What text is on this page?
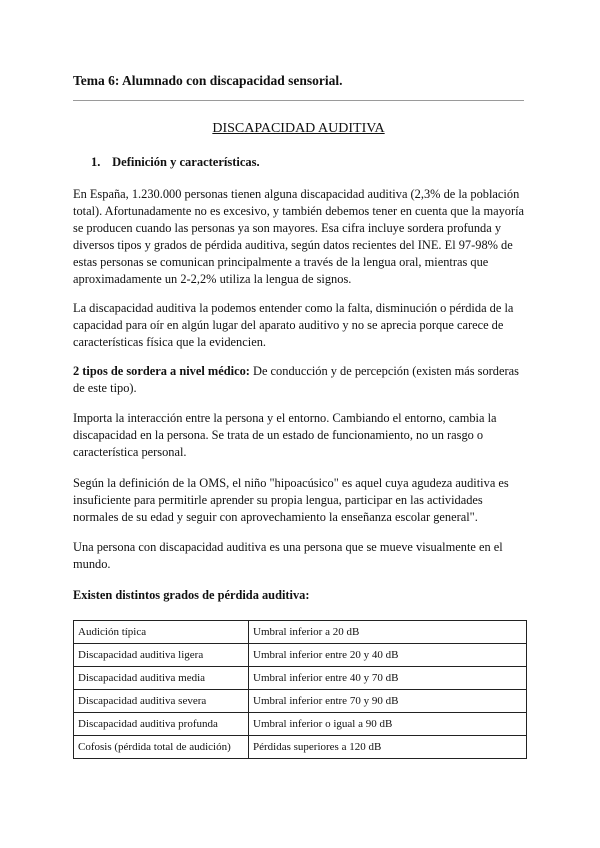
Tema 6: Alumnado con discapacidad sensorial.
DISCAPACIDAD AUDITIVA
1. Definición y características.

En España, 1.230.000 personas tienen alguna discapacidad auditiva (2,3% de la población total). Afortunadamente no es excesivo, y también debemos tener en cuenta que la mayoría se producen cuando las personas ya son mayores. Esa cifra incluye sordera profunda y diversos tipos y grados de pérdida auditiva, según datos recientes del INE. El 97-98% de estas personas se comunican principalmente a través de la lengua oral, mientras que aproximadamente un 2-2,2% utiliza la lengua de signos.

La discapacidad auditiva la podemos entender como la falta, disminución o pérdida de la capacidad para oír en algún lugar del aparato auditivo y no se aprecia porque carece de características física que la evidencien.

2 tipos de sordera a nivel médico: De conducción y de percepción (existen más sorderas de este tipo).

Importa la interacción entre la persona y el entorno. Cambiando el entorno, cambia la discapacidad en la persona. Se trata de un estado de funcionamiento, no un rasgo o característica personal.

Según la definición de la OMS, el niño "hipoacúsico" es aquel cuya agudeza auditiva es insuficiente para permitirle aprender su propia lengua, participar en las actividades normales de su edad y seguir con aprovechamiento la enseñanza escolar general".

Una persona con discapacidad auditiva es una persona que se mueve visualmente en el mundo.

Existen distintos grados de pérdida auditiva:

Audición típica	Umbral inferior a 20 dB
Discapacidad auditiva ligera	Umbral inferior entre 20 y 40 dB
Discapacidad auditiva media	Umbral inferior entre 40 y 70 dB
Discapacidad auditiva severa	Umbral inferior entre 70 y 90 dB
Discapacidad auditiva profunda	Umbral inferior o igual a 90 dB
Cofosis (pérdida total de audición)	Pérdidas superiores a 120 dB
